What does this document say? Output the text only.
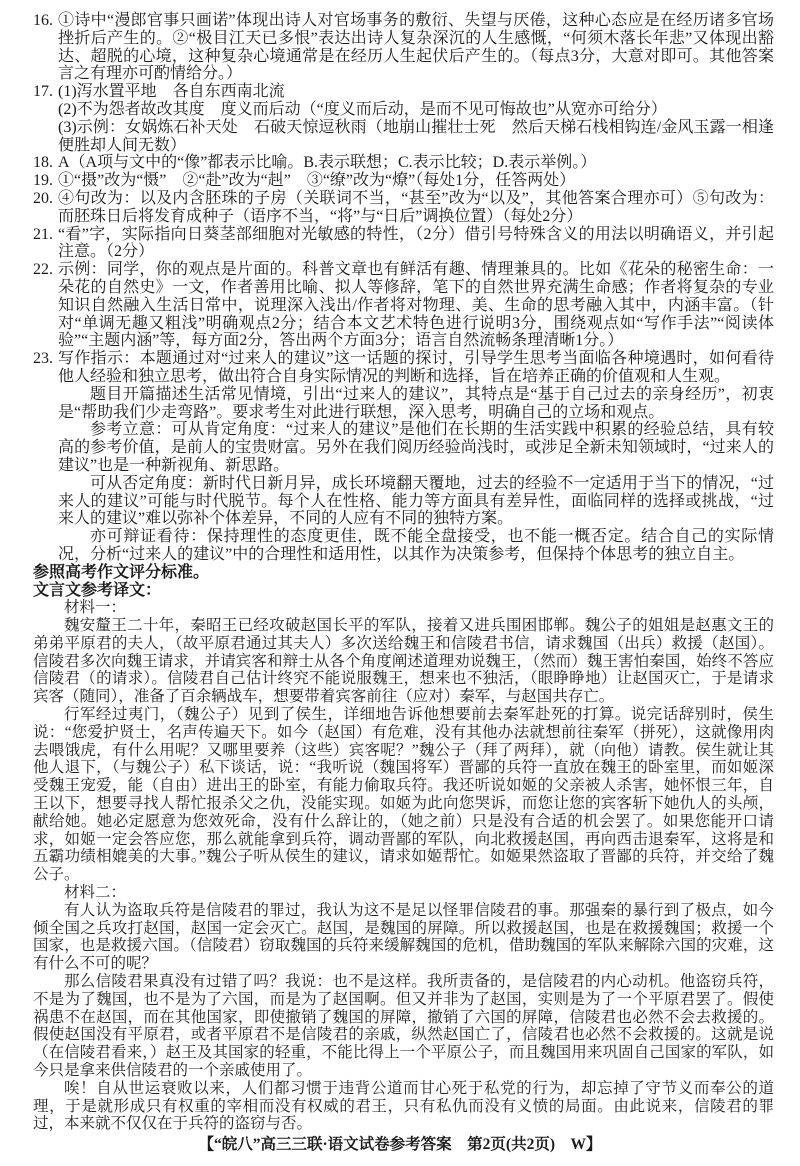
16. ①诗中“漫郎官事只画诺”体现出诗人对官场事务的敷衍、失望与厌倦，这种心态应是在经历诸多官场挫折后产生的。②“极目江天已多恨”表达出诗人复杂深沉的人生感慨，“何须木落长年悲”又体现出豁达、超脱的心境，这种复杂心境通常是在经历人生起伏后产生的。（每点3分，大意对即可。其他答案言之有理亦可酌情给分。）

17. (1)泻水置平地　各自东西南北流

(2)不为怨者故改其度　度义而后动（“度义而后动，是而不见可悔故也”从宽亦可给分）

(3)示例：女娲炼石补天处　石破天惊逗秋雨（地崩山摧壮士死　然后天梯石栈相钩连/金风玉露一相逢　便胜却人间无数）

18. A（A项与文中的“像”都表示比喻。B.表示联想；C.表示比较；D.表示举例。）

19. ①“摄”改为“慑”　②“赴”改为“赳”　③“缭”改为“燎”（每处1分，任答两处）

20. ④句改为：以及内含胚珠的子房（关联词不当，“甚至”改为“以及”，其他答案合理亦可）⑤句改为：而胚珠日后将发育成种子（语序不当，“将”与“日后”调换位置）（每处2分）

21. “看”字，实际指向日葵茎部细胞对光敏感的特性，（2分）借引号特殊含义的用法以明确语义，并引起注意。（2分）

22. 示例：同学，你的观点是片面的。科普文章也有鲜活有趣、情理兼具的。比如《花朵的秘密生命：一朵花的自然史》一文，作者善用比喻、拟人等修辞，笔下的自然世界充满生命感；作者将复杂的专业知识自然融入生活日常中，说理深入浅出/作者将对物理、美、生命的思考融入其中，内涵丰富。（针对“单调无趣又粗浅”明确观点2分；结合本文艺术特色进行说明3分，围绕观点如“写作手法”“阅读体验”“主题内涵”等，每方面2分，答出两个方面3分；语言自然流畅条理清晰1分。）

23. 写作指示：本题通过对“过来人的建议”这一话题的探讨，引导学生思考当面临各种境遇时，如何看待他人经验和独立思考，做出符合自身实际情况的判断和选择，旨在培养正确的价值观和人生观。

题目开篇描述生活常见情境，引出“过来人的建议”，其特点是“基于自己过去的亲身经历”，初衷是“帮助我们少走弯路”。要求考生对此进行联想，深入思考，明确自己的立场和观点。

参考立意：可从肯定角度：“过来人的建议”是他们在长期的生活实践中积累的经验总结，具有较高的参考价值，是前人的宝贵财富。另外在我们阅历经验尚浅时，或涉足全新未知领域时，“过来人的建议”也是一种新视角、新思路。

可从否定角度：新时代日新月异，成长环境翻天覆地，过去的经验不一定适用于当下的情况，“过来人的建议”可能与时代脱节。每个人在性格、能力等方面具有差异性，面临同样的选择或挑战，“过来人的建议”难以弥补个体差异，不同的人应有不同的独特方案。

亦可辩证看待：保持理性的态度更佳，既不能全盘接受，也不能一概否定。结合自己的实际情况，分析“过来人的建议”中的合理性和适用性，以其作为决策参考，但保持个体思考的独立自主。

参照高考作文评分标准。

文言文参考译文：

材料一：

魏安釐王二十年，秦昭王已经攻破赵国长平的军队，接着又进兵围困邯郸。魏公子的姐姐是赵惠文王的弟弟平原君的夫人，（故平原君通过其夫人）多次送给魏王和信陵君书信，请求魏国（出兵）救援（赵国）。信陵君多次向魏王请求，并请宾客和辩士从各个角度阐述道理劝说魏王，（然而）魏王害怕秦国，始终不答应信陵君（的请求）。信陵君自己估计终究不能说服魏王，想来也不独活，（眼睁睁地）让赵国灭亡，于是请求宾客（随同），准备了百余辆战车，想要带着宾客前往（应对）秦军，与赵国共存亡。

行军经过夷门，（魏公子）见到了侯生，详细地告诉他想要前去秦军赴死的打算。说完话辞别时，侯生说：“您爱护贤士，名声传遍天下。如今（赵国）有危难，没有其他办法就想前往秦军（拼死），这就像用肉去喂饿虎，有什么用呢？又哪里要养（这些）宾客呢？”魏公子（拜了两拜），就（向他）请教。侯生就让其他人退下，（与魏公子）私下谈话，说：“我听说（魏国将军）晋鄙的兵符一直放在魏王的卧室里，而如姬深受魏王宠爱，能（自由）进出王的卧室，有能力偷取兵符。我还听说如姬的父亲被人杀害，她怀恨三年，自王以下，想要寻找人帮忙报杀父之仇，没能实现。如姬为此向您哭诉，而您让您的宾客斩下她仇人的头颅，献给她。她必定愿意为您效死命，没有什么辞让的，（她之前）只是没有合适的机会罢了。如果您能开口请求，如姬一定会答应您，那么就能拿到兵符，调动晋鄙的军队，向北救援赵国，再向西击退秦军，这将是和五霸功绩相媲美的大事。”魏公子听从侯生的建议，请求如姬帮忙。如姬果然盗取了晋鄙的兵符，并交给了魏公子。

材料二：

有人认为盗取兵符是信陵君的罪过，我认为这不是足以怪罪信陵君的事。那强秦的暴行到了极点，如今倾全国之兵攻打赵国，赵国一定会灭亡。赵国，是魏国的屏障。所以救援赵国，也是在救援魏国；救援一个国家，也是救援六国。（信陵君）窃取魏国的兵符来缓解魏国的危机，借助魏国的军队来解除六国的灾难，这有什么不可的呢？

那么信陵君果真没有过错了吗？我说：也不是这样。我所责备的，是信陵君的内心动机。他盗窃兵符，不是为了魏国，也不是为了六国，而是为了赵国啊。但又并非为了赵国，实则是为了一个平原君罢了。假使祸患不在赵国，而在其他国家，即使撤销了魏国的屏障，撤销了六国的屏障，信陵君也必然不会去救援的。假使赵国没有平原君，或者平原君不是信陵君的亲戚，纵然赵国亡了，信陵君也必然不会救援的。这就是说（在信陵君看来，）赵王及其国家的轻重，不能比得上一个平原公子，而且魏国用来巩固自己国家的军队，如今只是拿来供信陵君的一个亲戚使用了。

唉！自从世运衰败以来，人们都习惯于违背公道而甘心死于私党的行为，却忘掉了守节义而奉公的道理，于是就形成只有权重的宰相而没有权威的君王，只有私仇而没有义愤的局面。由此说来，信陵君的罪过，本来就不仅仅在于兵符的盗窃与否。

【“皖八”高三三联·语文试卷参考答案　第2页(共2页)　W】
